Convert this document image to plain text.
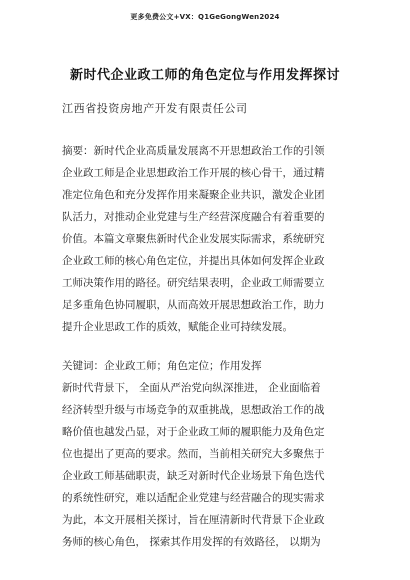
更多免费公文+VX：Q1GeGongWen2024
新时代企业政工师的角色定位与作用发挥探讨
江西省投资房地产开发有限责任公司
摘要：新时代企业高质量发展离不开思想政治工作的引领
企业政工师是企业思想政治工作开展的核心骨干，通过精
准定位角色和充分发挥作用来凝聚企业共识，激发企业团
队活力，对推动企业党建与生产经营深度融合有着重要的
价值。本篇文章聚焦新时代企业发展实际需求，系统研究
企业政工师的核心角色定位，并提出具体如何发挥企业政
工师决策作用的路径。研究结果表明，企业政工师需要立
足多重角色协同履职，从而高效开展思想政治工作，助力
提升企业思政工作的质效，赋能企业可持续发展。
关键词：企业政工师；角色定位；作用发挥
新时代背景下， 全面从严治党向纵深推进， 企业面临着
经济转型升级与市场竞争的双重挑战，思想政治工作的战
略价值也越发凸显，对于企业政工师的履职能力及角色定
位也提出了更高的要求。然而，当前相关研究大多聚焦于
企业政工师基础职责，缺乏对新时代企业场景下角色迭代
的系统性研究，难以适配企业党建与经营融合的现实需求
为此，本文开展相关探讨，旨在厘清新时代背景下企业政
务师的核心角色， 探索其作用发挥的有效路径， 以期为
